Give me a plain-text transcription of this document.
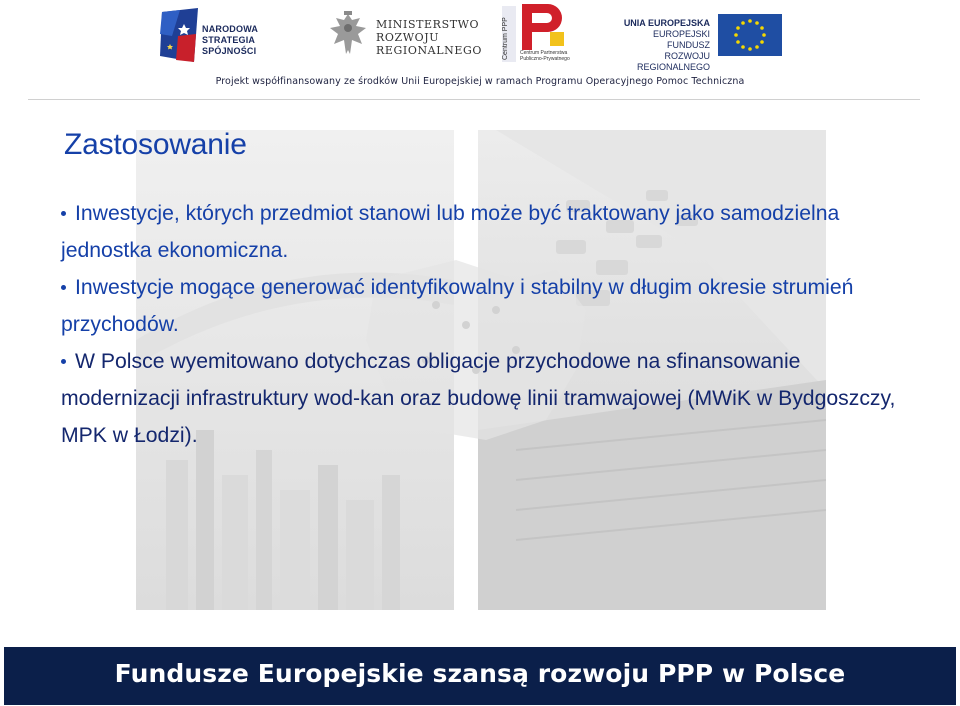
NARODOWA
STRATEGIA SPÓJNOŚCI
MINISTERSTWO
ROZWOJU
REGIONALNEGO	Centrum PPP Centrum Partnerstwa
Publiczno-Prywatnego
UNIA EUROPEJSKA
EUROPEJSKI FUNDUSZ
ROZWOJU REGIONALNEGO
Projekt współfinansowany ze środków Unii Europejskiej w ramach Programu Operacyjnego Pomoc Techniczna
Zastosowanie
Inwestycje, których przedmiot stanowi lub może być traktowany jako samodzielna jednostka ekonomiczna.
Inwestycje mogące generować identyfikowalny i stabilny w długim okresie strumień przychodów.
W Polsce wyemitowano dotychczas obligacje przychodowe na sfinansowanie modernizacji infrastruktury wod-kan oraz budowę linii tramwajowej (MWiK w Bydgoszczy, MPK w Łodzi).
Fundusze Europejskie szansą rozwoju PPP w Polsce
